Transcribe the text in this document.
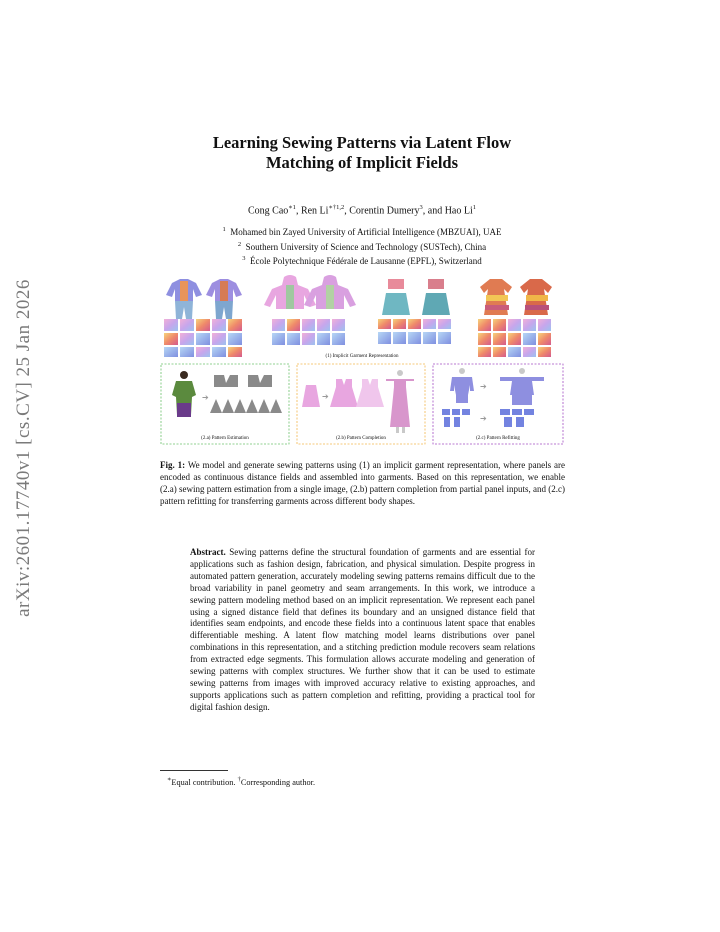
arXiv:2601.17740v1 [cs.CV] 25 Jan 2026
Learning Sewing Patterns via Latent Flow
Matching of Implicit Fields
Cong Cao$^{∗1}$, Ren $Li^{∗\dagger 1,2}$, Corentin Dumery$^3$, and Hao Li$^1$
$^1$ Mohamed bin Zayed University of Artificial Intelligence (MBZUAI), UAE
$^2$ Southern University of Science and Technology (SUSTech), China
$^3$ École Polytechnique Fédérale de Lausanne (EPFL), Switzerland
(1) Implicit Garment Representation
➔
(2.a) Pattern Estimation
➔
(2.b) Pattern Completion
➔
➔
(2.c) Pattern Refitting
Fig. 1: We model and generate sewing patterns using (1) an implicit garment representation, where panels are encoded as continuous distance fields and assembled into garments. Based on this representation, we enable (2.a) sewing pattern estimation from a single image, (2.b) pattern completion from partial panel inputs, and (2.c) pattern refitting for transferring garments across different body shapes.
Abstract. Sewing patterns define the structural foundation of garments and are essential for applications such as fashion design, fabrication, and physical simulation. Despite progress in automated pattern generation, accurately modeling sewing patterns remains difficult due to the broad variability in panel geometry and seam arrangements. In this work, we introduce a sewing pattern modeling method based on an implicit representation. We represent each panel using a signed distance field that defines its boundary and an unsigned distance field that identifies seam endpoints, and encode these fields into a continuous latent space that enables differentiable meshing. A latent flow matching model learns distributions over panel combinations in this representation, and a stitching prediction module recovers seam relations from extracted edge segments. This formulation allows accurate modeling and generation of sewing patterns with complex structures. We further show that it can be used to estimate sewing patterns from images with improved accuracy relative to existing approaches, and supports applications such as pattern completion and refitting, providing a practical tool for digital fashion design.
∗Equal contribution. †Corresponding author.
